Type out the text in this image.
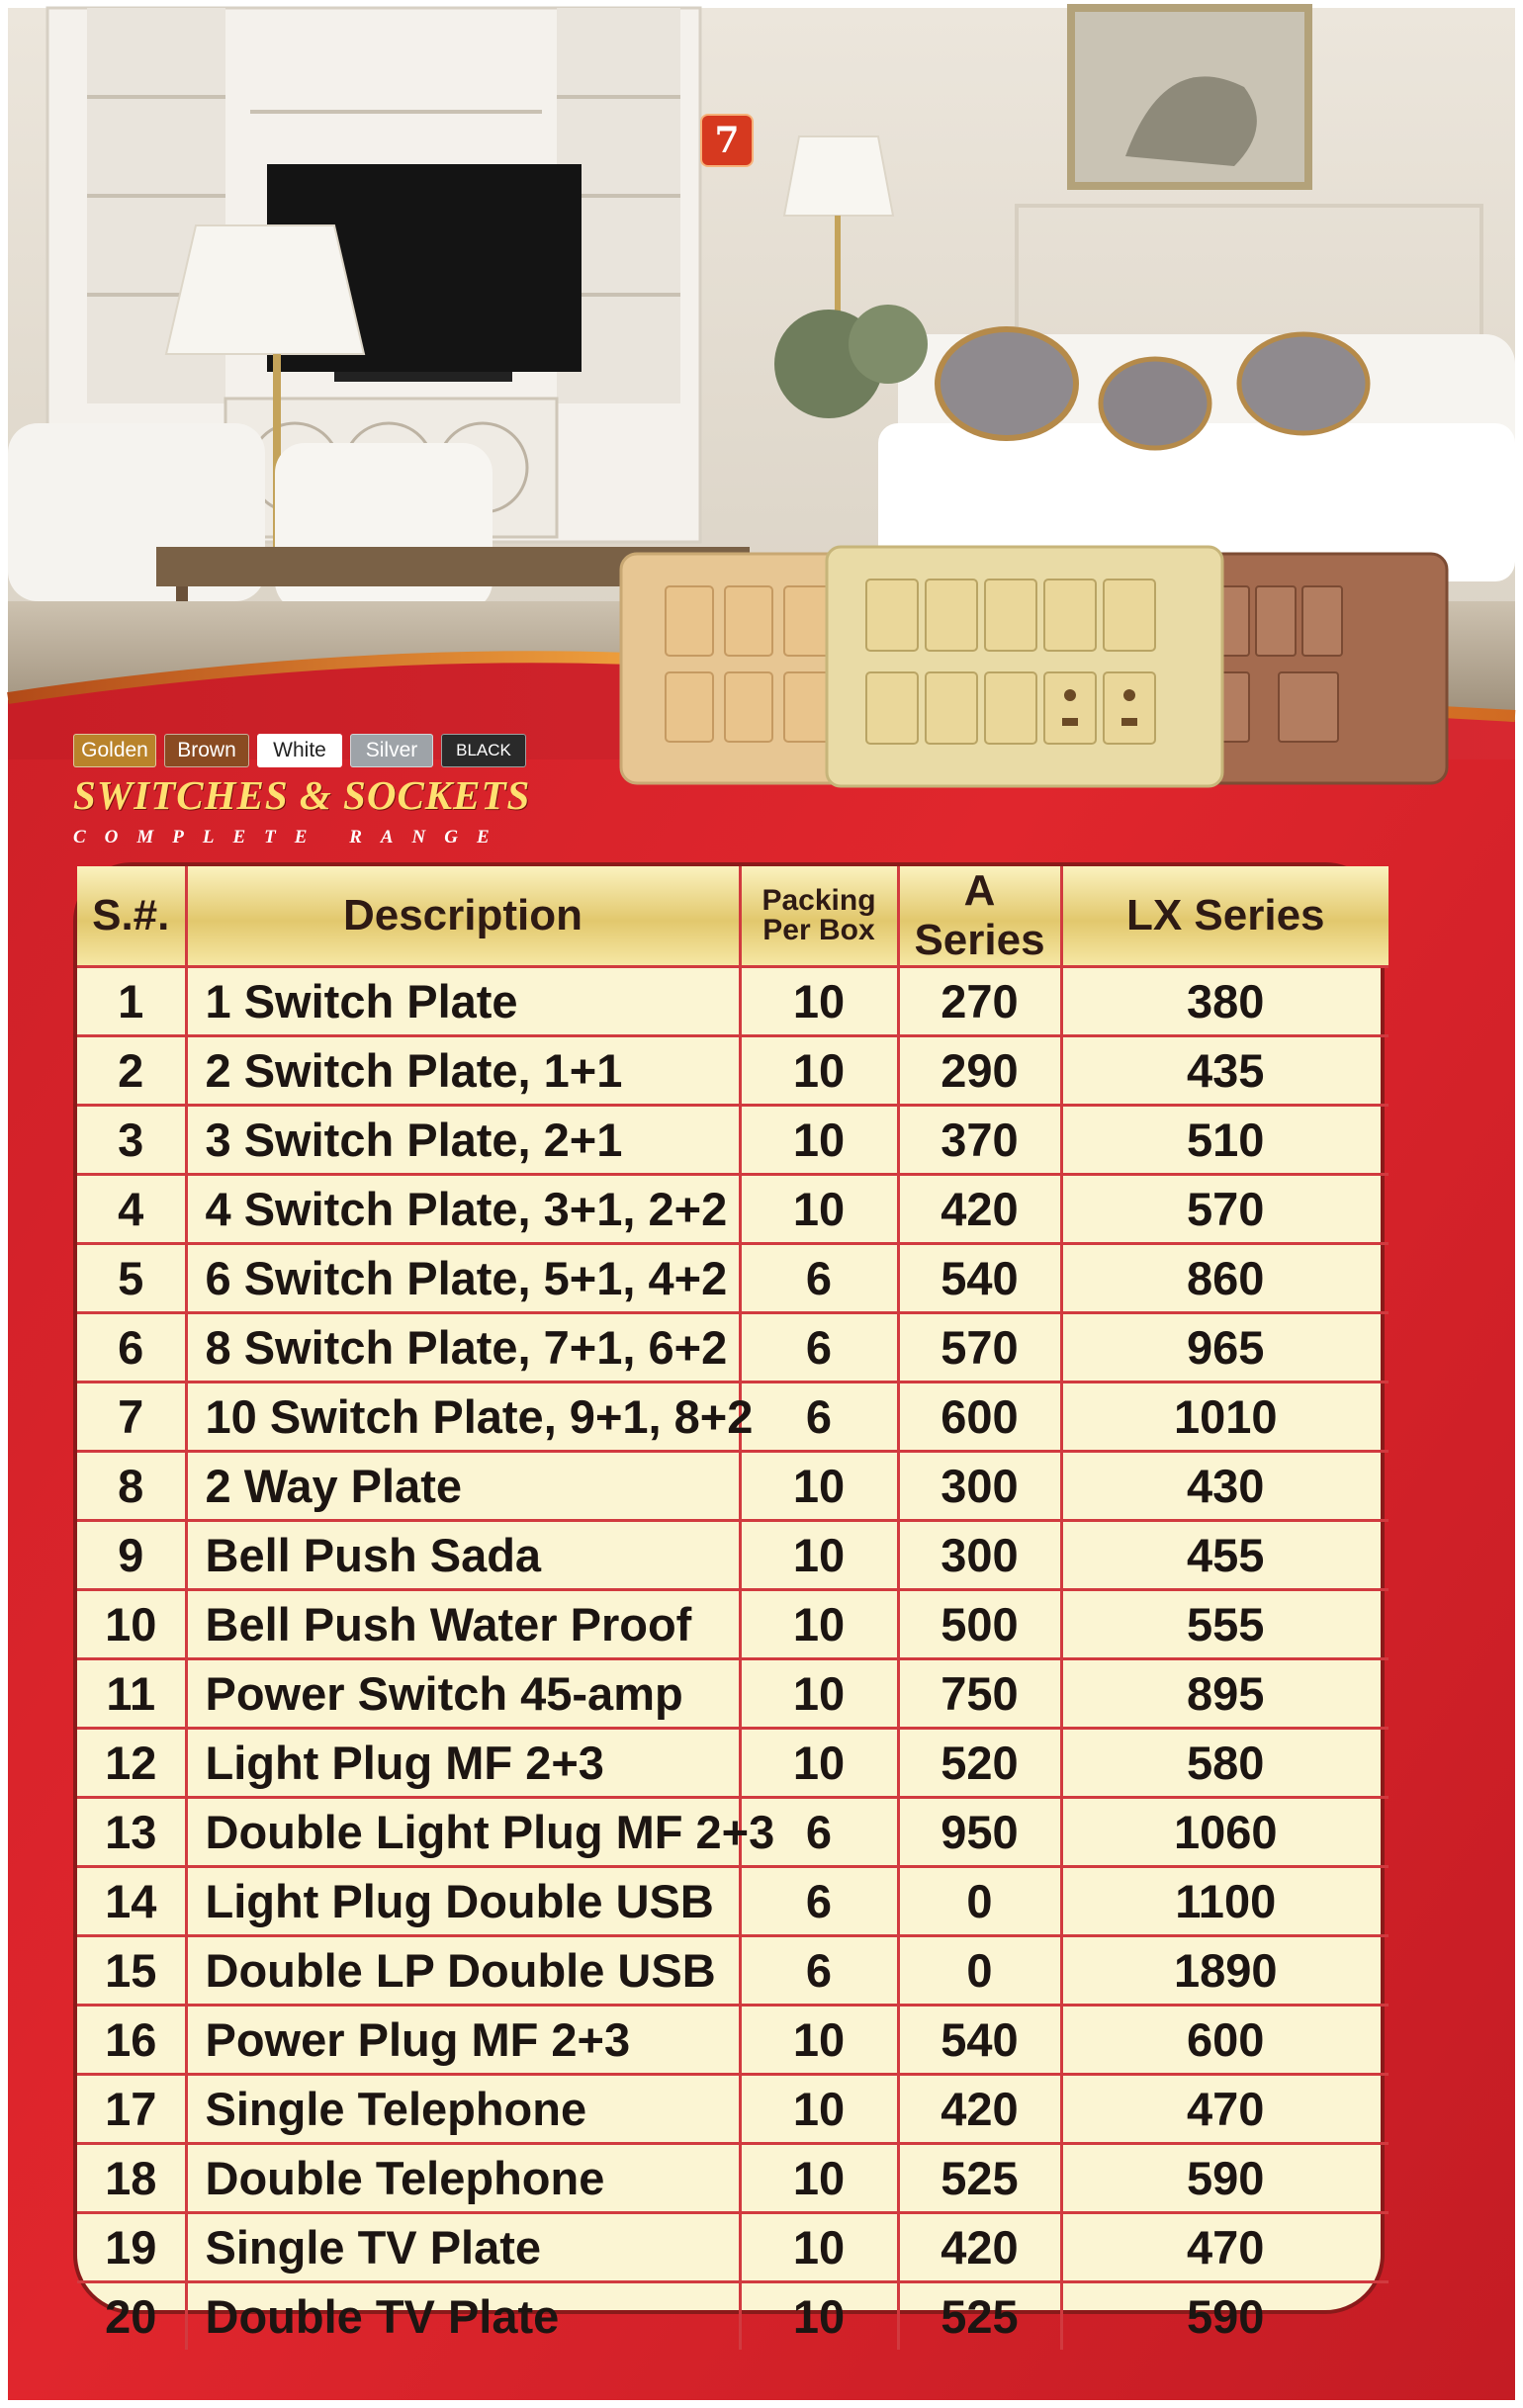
7
Golden	Brown	White	Silver	BLACK
SWITCHES & SOCKETS
COMPLETE RANGE
S.#.	Description	Packing
Per Box	A Series	LX Series
1	1 Switch Plate	10	270	380
2	2 Switch Plate, 1+1	10	290	435
3	3 Switch Plate, 2+1	10	370	510
4	4 Switch Plate, 3+1, 2+2	10	420	570
5	6 Switch Plate, 5+1, 4+2	6	540	860
6	8 Switch Plate, 7+1, 6+2	6	570	965
7	10 Switch Plate, 9+1, 8+2	6	600	1010
8	2 Way Plate	10	300	430
9	Bell Push Sada	10	300	455
10	Bell Push Water Proof	10	500	555
11	Power Switch 45-amp	10	750	895
12	Light Plug MF 2+3	10	520	580
13	Double Light Plug MF 2+3	6	950	1060
14	Light Plug Double USB	6	0	1100
15	Double LP Double USB	6	0	1890
16	Power Plug MF 2+3	10	540	600
17	Single Telephone	10	420	470
18	Double Telephone	10	525	590
19	Single TV Plate	10	420	470
20	Double TV Plate	10	525	590
